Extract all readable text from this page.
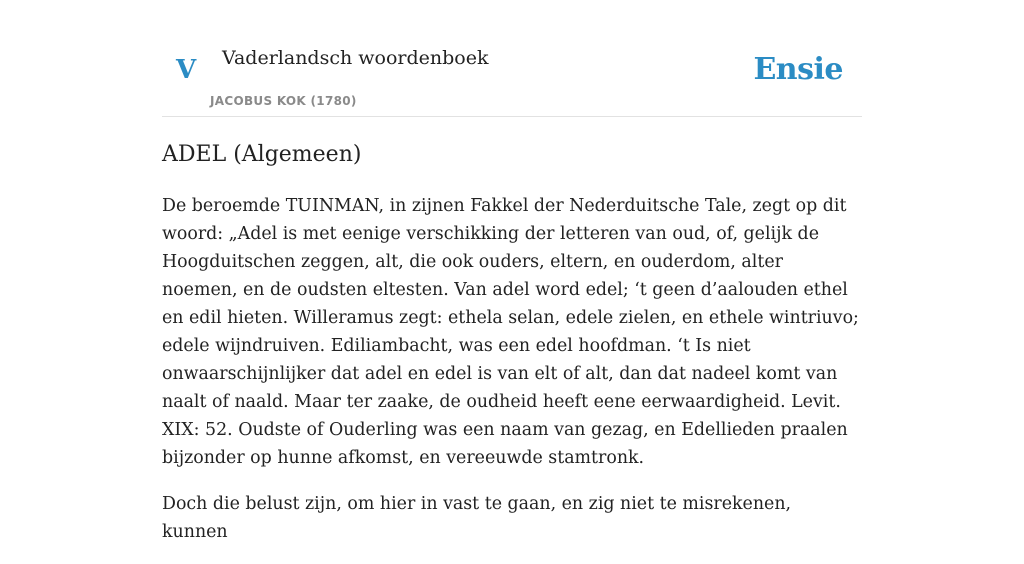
V Vaderlandsch woordenboek
JACOBUS KOK (1780)
Ensie
ADEL (Algemeen)

De beroemde TUINMAN, in zijnen Fakkel der Nederduitsche Tale, zegt op dit woord: „Adel is met eenige verschikking der letteren van oud, of, gelijk de Hoogduitschen zeggen, alt, die ook ouders, eltern, en ouderdom, alter noemen, en de oudsten eltesten. Van adel word edel; ‘t geen d’aalouden ethel en edil hieten. Willeramus zegt: ethela selan, edele zielen, en ethele wintriuvo; edele wijndruiven. Ediliambacht, was een edel hoofdman. ‘t Is niet onwaarschijnlijker dat adel en edel is van elt of alt, dan dat nadeel komt van naalt of naald. Maar ter zaake, de oudheid heeft eene eerwaardigheid. Levit. XIX: 52. Oudste of Ouderling was een naam van gezag, en Edellieden praalen bijzonder op hunne afkomst, en vereeuwde stamtronk.

Doch die belust zijn, om hier in vast te gaan, en zig niet te misrekenen, kunnen
